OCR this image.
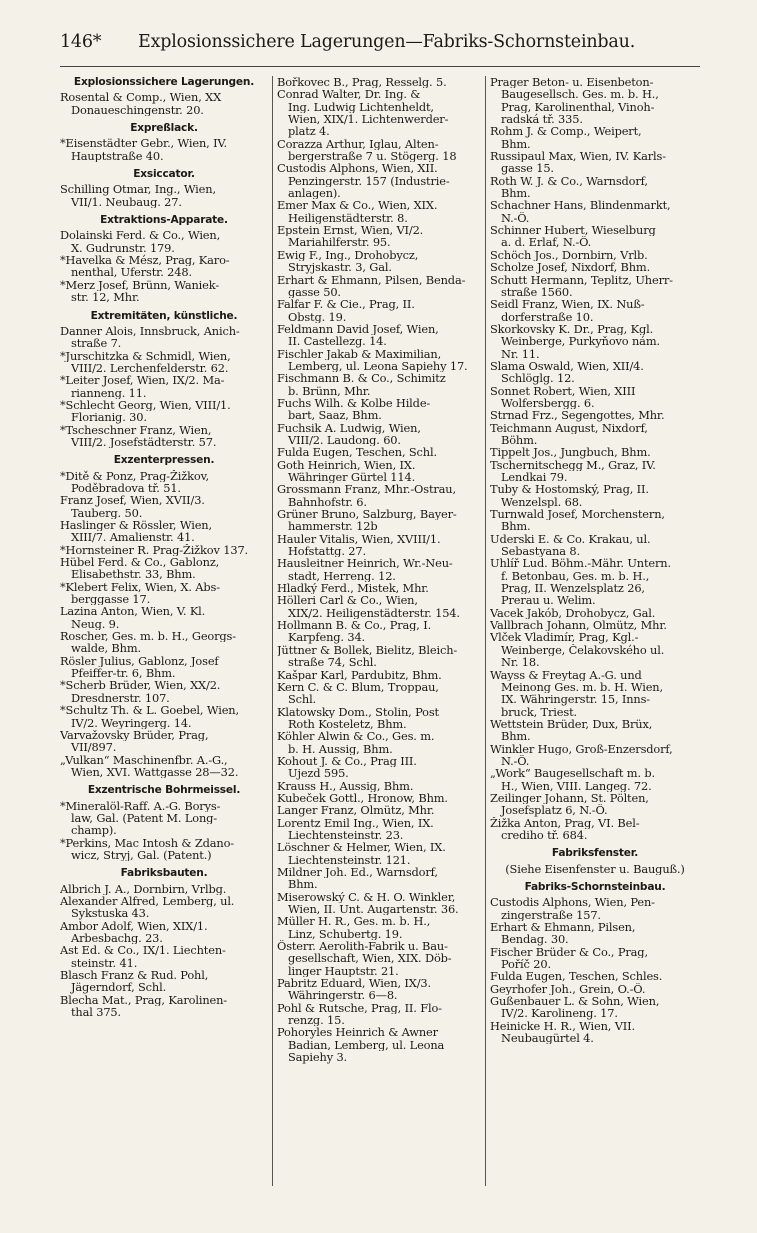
146* Explosionssichere Lagerungen—Fabriks-Schornsteinbau.
Explosionssichere Lagerungen.
Rosental & Comp., Wien, XX
Donaueschingenstr. 20.
Expreßlack.
*Eisenstädter Gebr., Wien, IV.
Hauptstraße 40.
Exsiccator.
Schilling Otmar, Ing., Wien,
VII/1. Neubaug. 27.
Extraktions-Apparate.
Dolainski Ferd. & Co., Wien,
X. Gudrunstr. 179.
*Havelka & Mész, Prag, Karo-
nenthal, Uferstr. 248.
*Merz Josef, Brünn, Waniek-
str. 12, Mhr.
Extremitäten, künstliche.
Danner Alois, Innsbruck, Anich-
straße 7.
*Jurschitzka & Schmidl, Wien,
VIII/2. Lerchenfelderstr. 62.
*Leiter Josef, Wien, IX/2. Ma-
rianneng. 11.
*Schlecht Georg, Wien, VIII/1.
Florianig. 30.
*Tscheschner Franz, Wien,
VIII/2. Josefstädterstr. 57.
Exzenterpressen.
*Ditě & Ponz, Prag-Žižkov,
Poděbradova tř. 51.
Franz Josef, Wien, XVII/3.
Tauberg. 50.
Haslinger & Rössler, Wien,
XIII/7. Amalienstr. 41.
*Hornsteiner R. Prag-Žižkov 137.
Hübel Ferd. & Co., Gablonz,
Elisabethstr. 33, Bhm.
*Klebert Felix, Wien, X. Abs-
berggasse 17.
Lazina Anton, Wien, V. Kl.
Neug. 9.
Roscher, Ges. m. b. H., Georgs-
walde, Bhm.
Rösler Julius, Gablonz, Josef
Pfeiffer-tr. 6, Bhm.
*Scherb Brüder, Wien, XX/2.
Dresdnerstr. 107.
*Schultz Th. & L. Goebel, Wien,
IV/2. Weyringerg. 14.
Varvažovsky Brüder, Prag,
VII/897.
„Vulkan“ Maschinenfbr. A.-G.,
Wien, XVI. Wattgasse 28—32.
Exzentrische Bohrmeissel.
*Mineralöl-Raff. A.-G. Borys-
law, Gal. (Patent M. Long-
champ).
*Perkins, Mac Intosh & Zdano-
wicz, Stryj, Gal. (Patent.)
Fabriksbauten.
Albrich J. A., Dornbirn, Vrlbg.
Alexander Alfred, Lemberg, ul.
Sykstuska 43.
Ambor Adolf, Wien, XIX/1.
Arbesbachg. 23.
Ast Ed. & Co., IX/1. Liechten-
steinstr. 41.
Blasch Franz & Rud. Pohl,
Jägerndorf, Schl.
Blecha Mat., Prag, Karolinen-
thal 375.
Bořkovec B., Prag, Resselg. 5.
Conrad Walter, Dr. Ing. &
Ing. Ludwig Lichtenheldt,
Wien, XIX/1. Lichtenwerder-
platz 4.
Corazza Arthur, Iglau, Alten-
bergerstraße 7 u. Stögerg. 18
Custodis Alphons, Wien, XII.
Penzingerstr. 157 (Industrie-
anlagen).
Emer Max & Co., Wien, XIX.
Heiligenstädterstr. 8.
Epstein Ernst, Wien, VI/2.
Mariahilferstr. 95.
Ewig F., Ing., Drohobycz,
Stryjskastr. 3, Gal.
Erhart & Ehmann, Pilsen, Benda-
gasse 50.
Falfar F. & Cie., Prag, II.
Obstg. 19.
Feldmann David Josef, Wien,
II. Castellezg. 14.
Fischler Jakab & Maximilian,
Lemberg, ul. Leona Sapiehy 17.
Fischmann B. & Co., Schimitz
b. Brünn, Mhr.
Fuchs Wilh. & Kolbe Hilde-
bart, Saaz, Bhm.
Fuchsik A. Ludwig, Wien,
VIII/2. Laudong. 60.
Fulda Eugen, Teschen, Schl.
Goth Heinrich, Wien, IX.
Währinger Gürtel 114.
Grossmann Franz, Mhr.-Ostrau,
Bahnhofstr. 6.
Grüner Bruno, Salzburg, Bayer-
hammerstr. 12b
Hauler Vitalis, Wien, XVIII/1.
Hofstattg. 27.
Hausleitner Heinrich, Wr.-Neu-
stadt, Herreng. 12.
Hladký Ferd., Mistek, Mhr.
Hölleri Carl & Co., Wien,
XIX/2. Heiligenstädterstr. 154.
Hollmann B. & Co., Prag, I.
Karpfeng. 34.
Jüttner & Bollek, Bielitz, Bleich-
straße 74, Schl.
Kašpar Karl, Pardubitz, Bhm.
Kern C. & C. Blum, Troppau,
Schl.
Klatowsky Dom., Stolin, Post
Roth Kosteletz, Bhm.
Köhler Alwin & Co., Ges. m.
b. H. Aussig, Bhm.
Kohout J. & Co., Prag III.
Ujezd 595.
Krauss H., Aussig, Bhm.
Kubeček Gottl., Hronow, Bhm.
Langer Franz, Olmütz, Mhr.
Lorentz Emil Ing., Wien, IX.
Liechtensteinstr. 23.
Löschner & Helmer, Wien, IX.
Liechtensteinstr. 121.
Mildner Joh. Ed., Warnsdorf,
Bhm.
Miserowský C. & H. O. Winkler,
Wien, II. Unt. Augartenstr. 36.
Müller H. R., Ges. m. b. H.,
Linz, Schubertg. 19.
Österr. Aerolith-Fabrik u. Bau-
gesellschaft, Wien, XIX. Döb-
linger Hauptstr. 21.
Pabritz Eduard, Wien, IX/3.
Währingerstr. 6—8.
Pohl & Rutsche, Prag, II. Flo-
renzg. 15.
Pohoryles Heinrich & Awner
Badian, Lemberg, ul. Leona
Sapiehy 3.
Prager Beton- u. Eisenbeton-
Baugesellsch. Ges. m. b. H.,
Prag, Karolinenthal, Vinoh-
radská tř. 335.
Rohm J. & Comp., Weipert,
Bhm.
Russipaul Max, Wien, IV. Karls-
gasse 15.
Roth W. J. & Co., Warnsdorf,
Bhm.
Schachner Hans, Blindenmarkt,
N.-Ö.
Schinner Hubert, Wieselburg
a. d. Erlaf, N.-Ö.
Schöch Jos., Dornbirn, Vrlb.
Scholze Josef, Nixdorf, Bhm.
Schutt Hermann, Teplitz, Uherr-
straße 1560.
Seidl Franz, Wien, IX. Nuß-
dorferstraße 10.
Skorkovsky K. Dr., Prag, Kgl.
Weinberge, Purkyňovo nám.
Nr. 11.
Slama Oswald, Wien, XII/4.
Schlöglg. 12.
Sonnet Robert, Wien, XIII
Wolfersbergg. 6.
Strnad Frz., Segengottes, Mhr.
Teichmann August, Nixdorf,
Böhm.
Tippelt Jos., Jungbuch, Bhm.
Tschernitschegg M., Graz, IV.
Lendkai 79.
Tuby & Hostomský, Prag, II.
Wenzelspl. 68.
Turnwald Josef, Morchenstern,
Bhm.
Uderski E. & Co. Krakau, ul.
Sebastyana 8.
Uhlíř Lud. Böhm.-Mähr. Untern.
f. Betonbau, Ges. m. b. H.,
Prag, II. Wenzelsplatz 26,
Prerau u. Welim.
Vacek Jakób, Drohobycz, Gal.
Vallbrach Johann, Olmütz, Mhr.
Vlček Vladimír, Prag, Kgl.-
Weinberge, Čelakovského ul.
Nr. 18.
Wayss & Freytag A.-G. und
Meinong Ges. m. b. H. Wien,
IX. Währingerstr. 15, Inns-
bruck, Triest.
Wettstein Brüder, Dux, Brüx,
Bhm.
Winkler Hugo, Groß-Enzersdorf,
N.-Ö.
„Work“ Baugesellschaft m. b.
H., Wien, VIII. Langeg. 72.
Zeilinger Johann, St. Pölten,
Josefsplatz 6, N.-Ö.
Žižka Anton, Prag, VI. Bel-
crediho tř. 684.
Fabriksfenster.
(Siehe Eisenfenster u. Bauguß.)
Fabriks-Schornsteinbau.
Custodis Alphons, Wien, Pen-
zingerstraße 157.
Erhart & Ehmann, Pilsen,
Bendag. 30.
Fischer Brüder & Co., Prag,
Poříč 20.
Fulda Eugen, Teschen, Schles.
Geyrhofer Joh., Grein, O.-Ö.
Gußenbauer L. & Sohn, Wien,
IV/2. Karolineng. 17.
Heinicke H. R., Wien, VII.
Neubaugürtel 4.
